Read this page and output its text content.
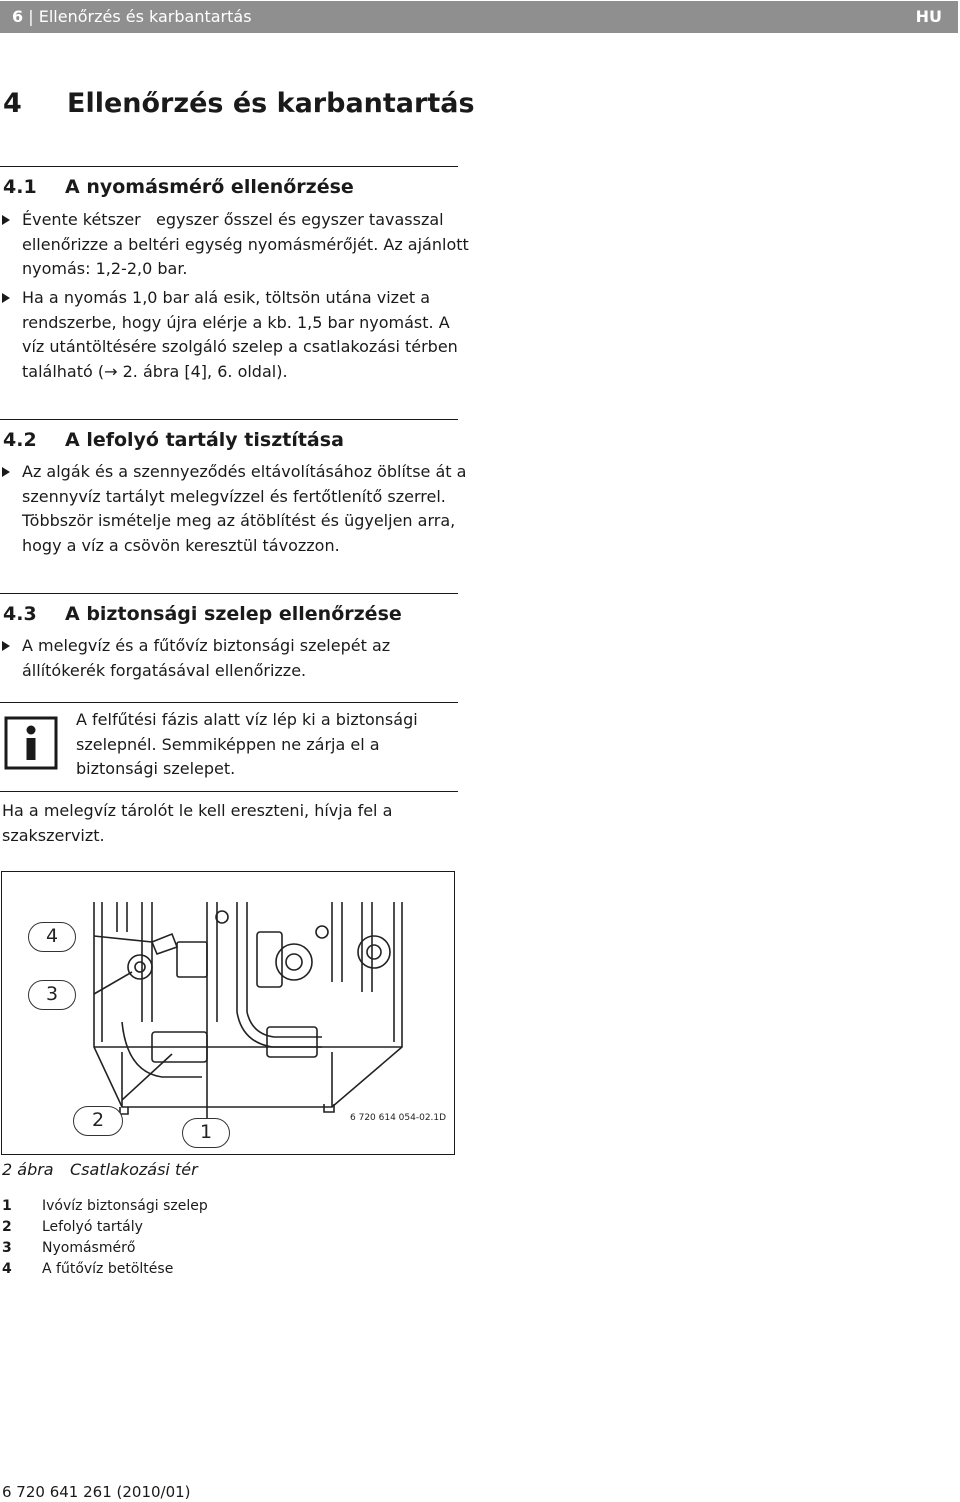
6 | Ellenőrzés és karbantartás	HU
4 Ellenőrzés és karbantartás
4.1 A nyomásmérő ellenőrzése
Évente kétszer   egyszer ősszel és egyszer tavasszal ellenőrizze a beltéri egység nyomásmérőjét. Az ajánlott nyomás: 1,2-2,0 bar.
Ha a nyomás 1,0 bar alá esik, töltsön utána vizet a rendszerbe, hogy újra elérje a kb. 1,5 bar nyomást. A víz utántöltésére szolgáló szelep a csatlakozási térben található (→ 2. ábra [4], 6. oldal).
4.2 A lefolyó tartály tisztítása
Az algák és a szennyeződés eltávolításához öblítse át a szennyvíz tartályt melegvízzel és fertőtlenítő szerrel. Többször ismételje meg az átöblítést és ügyeljen arra, hogy a víz a csövön keresztül távozzon.
4.3 A biztonsági szelep ellenőrzése
A melegvíz és a fűtővíz biztonsági szelepét az állítókerék forgatásával ellenőrizze.
A felfűtési fázis alatt víz lép ki a biztonsági szelepnél. Semmiképpen ne zárja el a biztonsági szelepet.
Ha a melegvíz tárolót le kell ereszteni, hívja fel a szakszervizt.
4
3
2
1
6 720 614 054-02.1D
2 ábra Csatlakozási tér
1 Ivóvíz biztonsági szelep
2 Lefolyó tartály
3 Nyomásmérő
4 A fűtővíz betöltése
6 720 641 261 (2010/01)
